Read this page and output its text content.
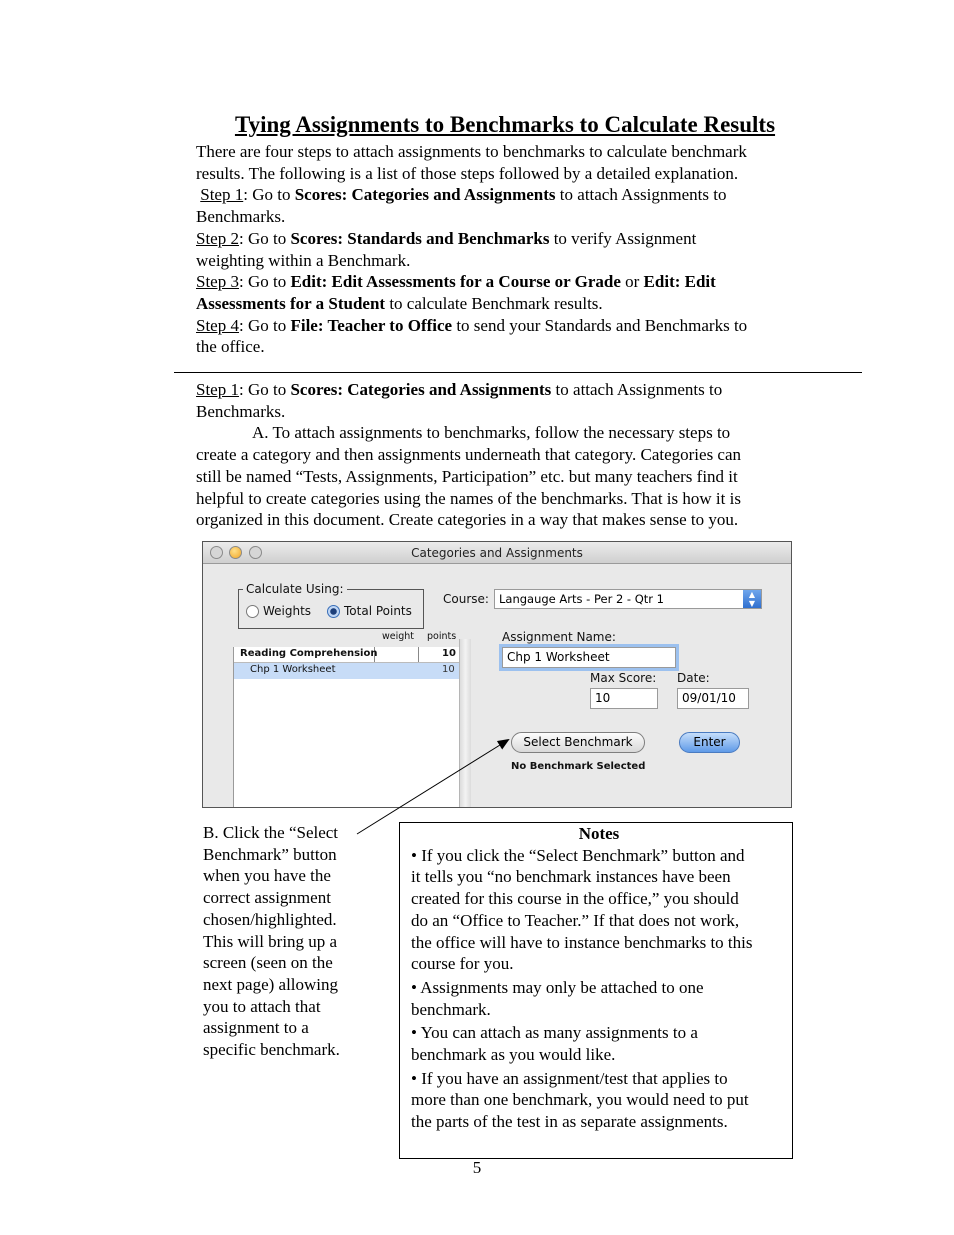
Tying Assignments to Benchmarks to Calculate Results

There are four steps to attach assignments to benchmarks to calculate benchmark

results. The following is a list of those steps followed by a detailed explanation.

Step 1: Go to Scores: Categories and Assignments to attach Assignments to

Benchmarks.

Step 2: Go to Scores: Standards and Benchmarks to verify Assignment

weighting within a Benchmark.

Step 3: Go to Edit: Edit Assessments for a Course or Grade or Edit: Edit

Assessments for a Student to calculate Benchmark results.

Step 4: Go to File: Teacher to Office to send your Standards and Benchmarks to

the office.

Step 1: Go to Scores: Categories and Assignments to attach Assignments to

Benchmarks.

A. To attach assignments to benchmarks, follow the necessary steps to

create a category and then assignments underneath that category. Categories can

still be named “Tests, Assignments, Participation” etc. but many teachers find it

helpful to create categories using the names of the benchmarks. That is how it is

organized in this document. Create categories in a way that makes sense to you.

Categories and Assignments
Calculate Using:
Weights	Total Points
Course: Langauge Arts - Per 2 - Qtr 1	▲
▼
weight points
Reading Comprehension	10
Chp 1 Worksheet	10
Assignment Name:
Chp 1 Worksheet
Max Score:
10
Date:
09/01/10
Select Benchmark	Enter
No Benchmark Selected

B. Click the “Select

Benchmark” button

when you have the

correct assignment

chosen/highlighted.

This will bring up a

screen (seen on the

next page) allowing

you to attach that

assignment to a

specific benchmark.

Notes

• If you click the “Select Benchmark” button and
it tells you “no benchmark instances have been
created for this course in the office,” you should
do an “Office to Teacher.” If that does not work,
the office will have to instance benchmarks to this
course for you.

• Assignments may only be attached to one
benchmark.

• You can attach as many assignments to a
benchmark as you would like.

• If you have an assignment/test that applies to
more than one benchmark, you would need to put
the parts of the test in as separate assignments.

5
